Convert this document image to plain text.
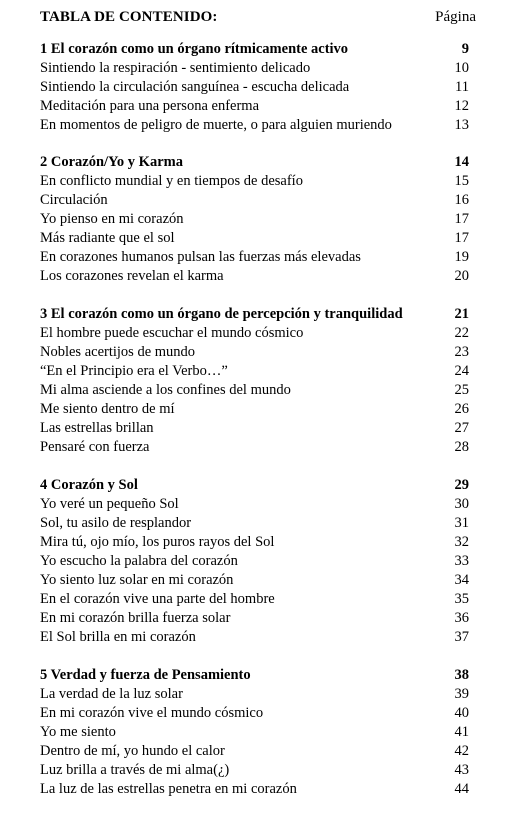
TABLA DE CONTENIDO:	Página
1 El corazón como un órgano rítmicamente activo	9
Sintiendo la respiración - sentimiento delicado	10
Sintiendo la circulación sanguínea - escucha delicada	11
Meditación para una persona enferma	12
En momentos de peligro de muerte, o para alguien muriendo	13
2 Corazón/Yo y Karma	14
En conflicto mundial y en tiempos de desafío	15
Circulación	16
Yo pienso en mi corazón	17
Más radiante que el sol	17
En corazones humanos pulsan las fuerzas más elevadas	19
Los corazones revelan el karma	20
3 El corazón como un órgano de percepción y tranquilidad	21
El hombre puede escuchar el mundo cósmico	22
Nobles acertijos de mundo	23
“En el Principio era el Verbo…”	24
Mi alma asciende a los confines del mundo	25
Me siento dentro de mí	26
Las estrellas brillan	27
Pensaré con fuerza	28
4 Corazón y Sol	29
Yo veré un pequeño Sol	30
Sol, tu asilo de resplandor	31
Mira tú, ojo mío, los puros rayos del Sol	32
Yo escucho la palabra del corazón	33
Yo siento luz solar en mi corazón	34
En el corazón vive una parte del hombre	35
En mi corazón brilla fuerza solar	36
El Sol brilla en mi corazón	37
5 Verdad y fuerza de Pensamiento	38
La verdad de la luz solar	39
En mi corazón vive el mundo cósmico	40
Yo me siento	41
Dentro de mí, yo hundo el calor	42
Luz brilla a través de mi alma(¿)	43
La luz de las estrellas penetra en mi corazón	44
